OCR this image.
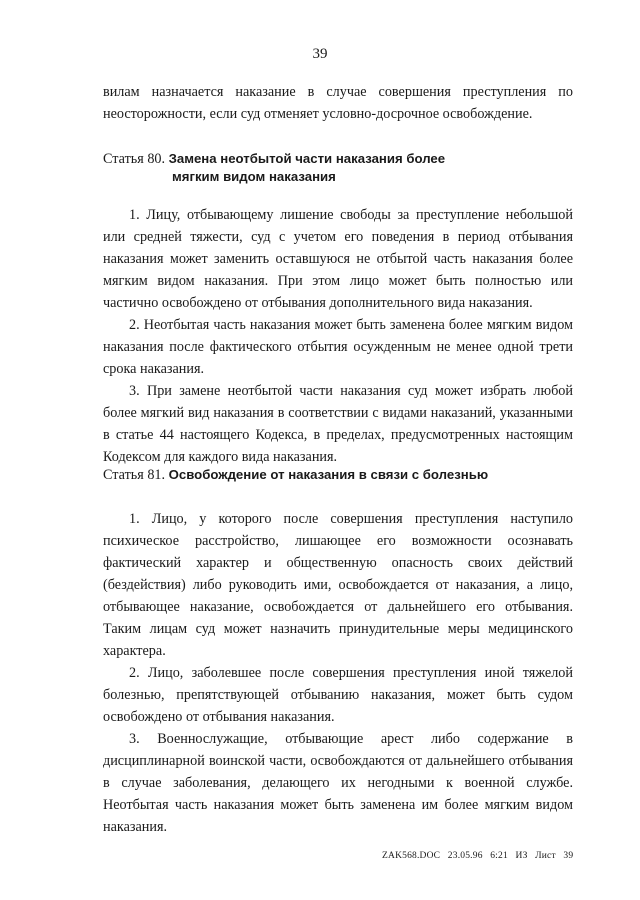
39

вилам назначается наказание в случае совершения преступления по неосторожности, если суд отменяет условно-досрочное освобождение.

Статья 80. Замена неотбытой части наказания более
мягким видом наказания

1. Лицу, отбывающему лишение свободы за преступление небольшой или средней тяжести, суд с учетом его поведения в период отбывания наказания может заменить оставшуюся не отбытой часть наказания более мягким видом наказания. При этом лицо может быть полностью или частично освобождено от отбывания дополнительного вида наказания.

2. Неотбытая часть наказания может быть заменена более мягким видом наказания после фактического отбытия осужденным не менее одной трети срока наказания.

3. При замене неотбытой части наказания суд может избрать любой более мягкий вид наказания в соответствии с видами наказаний, указанными в статье 44 настоящего Кодекса, в пределах, предусмотренных настоящим Кодексом для каждого вида наказания.

Статья 81. Освобождение от наказания в связи с болезнью

1. Лицо, у которого после совершения преступления наступило психическое расстройство, лишающее его возможности осознавать фактический характер и общественную опасность своих действий (бездействия) либо руководить ими, освобождается от наказания, а лицо, отбывающее наказание, освобождается от дальнейшего его отбывания. Таким лицам суд может назначить принудительные меры медицинского характера.

2. Лицо, заболевшее после совершения преступления иной тяжелой болезнью, препятствующей отбыванию наказания, может быть судом освобождено от отбывания наказания.

3. Военнослужащие, отбывающие арест либо содержание в дисциплинарной воинской части, освобождаются от дальнейшего отбывания в случае заболевания, делающего их негодными к военной службе. Неотбытая часть наказания может быть заменена им более мягким видом наказания.

ZAK568.DOC 23.05.96 6:21 ИЗ Лист 39
